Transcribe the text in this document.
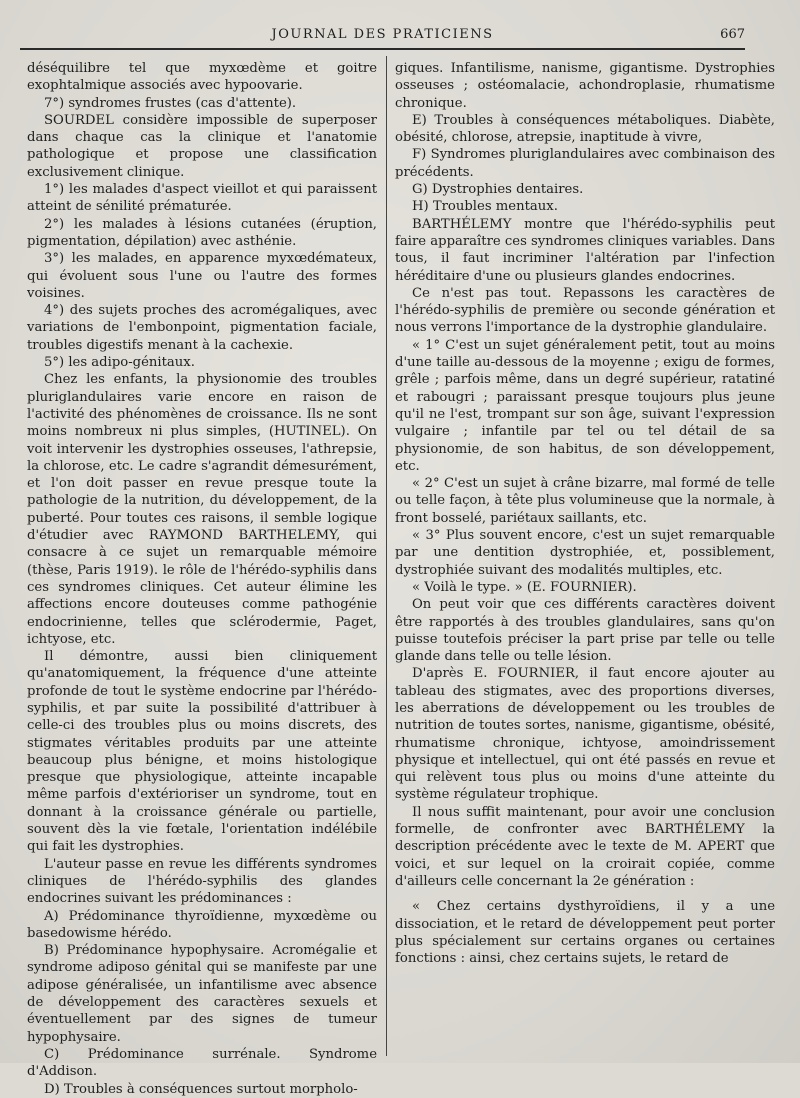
JOURNAL DES PRATICIENS	667

déséquilibre tel que myxœdème et goitre exophtalmique associés avec hypoovarie.

7°) syndromes frustes (cas d'attente).

SOURDEL considère impossible de superposer dans chaque cas la clinique et l'anatomie pathologique et propose une classification exclusivement clinique.

1°) les malades d'aspect vieillot et qui paraissent atteint de sénilité prématurée.

2°) les malades à lésions cutanées (éruption, pigmentation, dépilation) avec asthénie.

3°) les malades, en apparence myxœdémateux, qui évoluent sous l'une ou l'autre des formes voisines.

4°) des sujets proches des acromégaliques, avec variations de l'embonpoint, pigmentation faciale, troubles digestifs menant à la cachexie.

5°) les adipo-génitaux.

Chez les enfants, la physionomie des troubles pluriglandulaires varie encore en raison de l'activité des phénomènes de croissance. Ils ne sont moins nombreux ni plus simples, (HUTINEL). On voit intervenir les dystrophies osseuses, l'athrepsie, la chlorose, etc. Le cadre s'agrandit démesurément, et l'on doit passer en revue presque toute la pathologie de la nutrition, du développement, de la puberté. Pour toutes ces raisons, il semble logique d'étudier avec RAYMOND BARTHELEMY, qui consacre à ce sujet un remarquable mémoire (thèse, Paris 1919). le rôle de l'hérédo-syphilis dans ces syndromes cliniques. Cet auteur élimine les affections encore douteuses comme pathogénie endocrinienne, telles que sclérodermie, Paget, ichtyose, etc.

Il démontre, aussi bien cliniquement qu'anatomiquement, la fréquence d'une atteinte profonde de tout le système endocrine par l'hérédo-syphilis, et par suite la possibilité d'attribuer à celle-ci des troubles plus ou moins discrets, des stigmates véritables produits par une atteinte beaucoup plus bénigne, et moins histologique presque que physiologique, atteinte incapable même parfois d'extérioriser un syndrome, tout en donnant à la croissance générale ou partielle, souvent dès la vie fœtale, l'orientation indélébile qui fait les dystrophies.

L'auteur passe en revue les différents syndromes cliniques de l'hérédo-syphilis des glandes endocrines suivant les prédominances :

A) Prédominance thyroïdienne, myxœdème ou basedowisme hérédo.

B) Prédominance hypophysaire. Acromégalie et syndrome adiposo génital qui se manifeste par une adipose généralisée, un infantilisme avec absence de développement des caractères sexuels et éventuellement par des signes de tumeur hypophysaire.

C) Prédominance surrénale. Syndrome d'Addison.

D) Troubles à conséquences surtout morpholo-

giques. Infantilisme, nanisme, gigantisme. Dystrophies osseuses ; ostéomalacie, achondroplasie, rhumatisme chronique.

E) Troubles à conséquences métaboliques. Diabète, obésité, chlorose, atrepsie, inaptitude à vivre,

F) Syndromes pluriglandulaires avec combinaison des précédents.

G) Dystrophies dentaires.

H) Troubles mentaux.

BARTHÉLEMY montre que l'hérédo-syphilis peut faire apparaître ces syndromes cliniques variables. Dans tous, il faut incriminer l'altération par l'infection héréditaire d'une ou plusieurs glandes endocrines.

Ce n'est pas tout. Repassons les caractères de l'hérédo-syphilis de première ou seconde génération et nous verrons l'importance de la dystrophie glandulaire.

« 1° C'est un sujet généralement petit, tout au moins d'une taille au-dessous de la moyenne ; exigu de formes, grêle ; parfois même, dans un degré supérieur, ratatiné et rabougri ; paraissant presque toujours plus jeune qu'il ne l'est, trompant sur son âge, suivant l'expression vulgaire ; infantile par tel ou tel détail de sa physionomie, de son habitus, de son développement, etc.

« 2° C'est un sujet à crâne bizarre, mal formé de telle ou telle façon, à tête plus volumineuse que la normale, à front bosselé, pariétaux saillants, etc.

« 3° Plus souvent encore, c'est un sujet remarquable par une dentition dystrophiée, et, possiblement, dystrophiée suivant des modalités multiples, etc.

« Voilà le type. » (E. FOURNIER).

On peut voir que ces différents caractères doivent être rapportés à des troubles glandulaires, sans qu'on puisse toutefois préciser la part prise par telle ou telle glande dans telle ou telle lésion.

D'après E. FOURNIER, il faut encore ajouter au tableau des stigmates, avec des proportions diverses, les aberrations de développement ou les troubles de nutrition de toutes sortes, nanisme, gigantisme, obésité, rhumatisme chronique, ichtyose, amoindrissement physique et intellectuel, qui ont été passés en revue et qui relèvent tous plus ou moins d'une atteinte du système régulateur trophique.

Il nous suffit maintenant, pour avoir une conclusion formelle, de confronter avec BARTHÉLEMY la description précédente avec le texte de M. APERT que voici, et sur lequel on la croirait copiée, comme d'ailleurs celle concernant la 2e génération :

« Chez certains dysthyroïdiens, il y a une dissociation, et le retard de développement peut porter plus spécialement sur certains organes ou certaines fonctions : ainsi, chez certains sujets, le retard de
